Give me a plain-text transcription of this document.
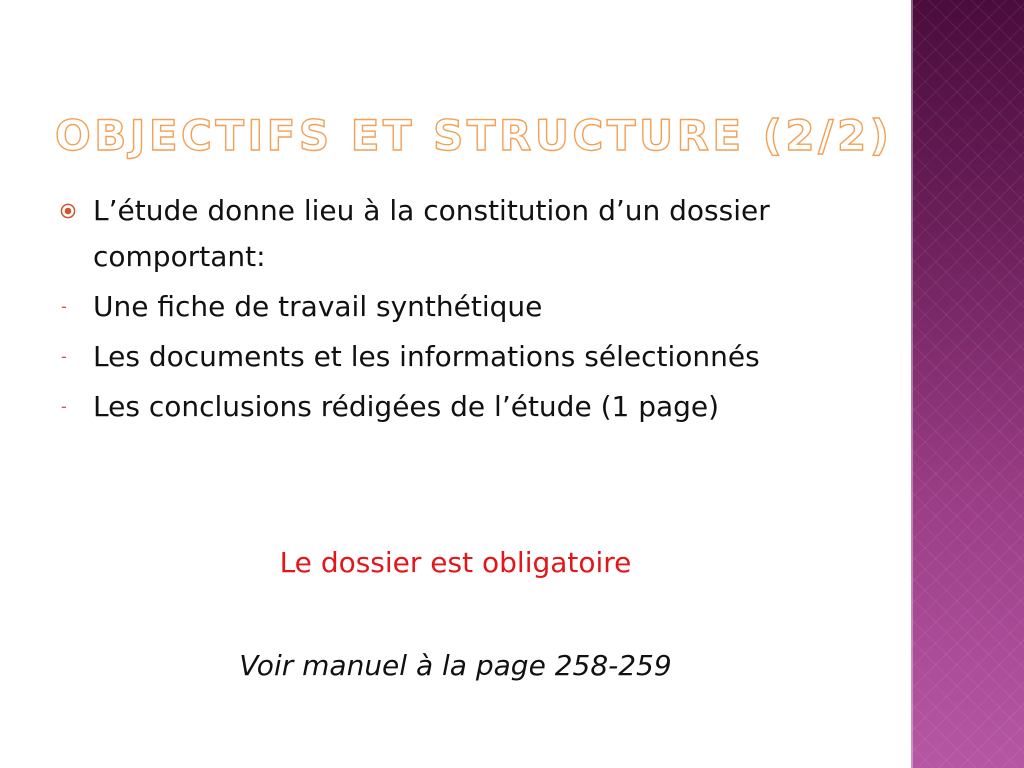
OBJECTIFS ET STRUCTURE (2/2)
L’étude donne lieu à la constitution d’un dossier comportant:
- Une fiche de travail synthétique
- Les documents et les informations sélectionnés
- Les conclusions rédigées de l’étude (1 page)

Le dossier est obligatoire

Voir manuel à la page 258-259
